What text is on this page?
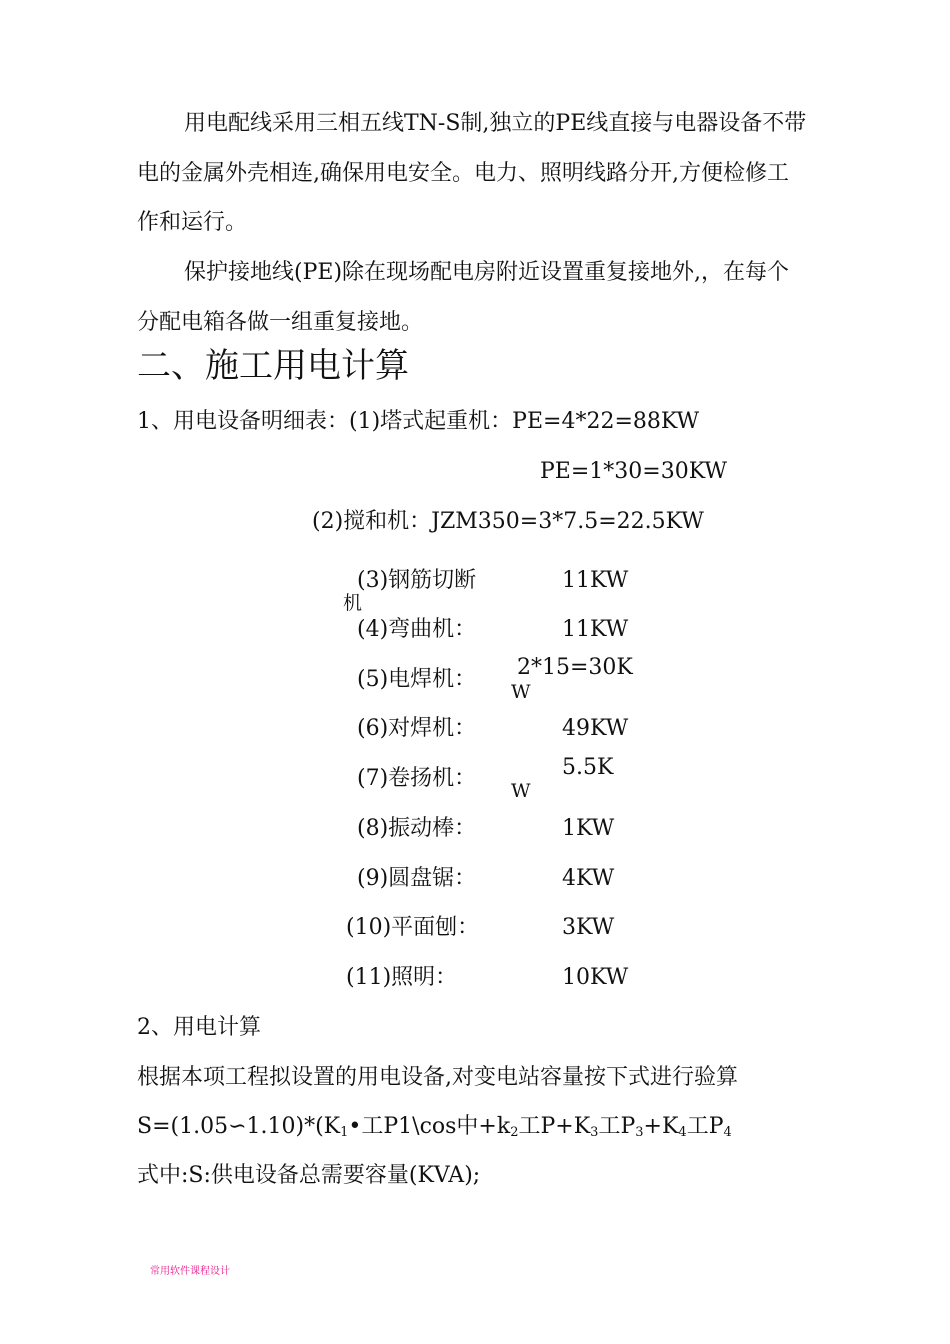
用电配线采用三相五线TN-S制,独立的PE线直接与电器设备不带
电的金属外壳相连,确保用电安全。电力、照明线路分开,方便检修工
作和运行。
保护接地线(PE)除在现场配电房附近设置重复接地外,，在每个
分配电箱各做一组重复接地。
二、施工用电计算
1、用电设备明细表：(1)塔式起重机：PE=4*22=88KW
PE=1*30=30KW
(2)搅和机：JZM350=3*7.5=22.5KW
(3)钢筋切断	11KW
机
(4)弯曲机：	11KW
(5)电焊机： 2*15=30K
W
(6)对焊机：	49KW
(7)卷扬机：	5.5K
W
(8)振动棒：	1KW
(9)圆盘锯：	4KW
(10)平面刨：	3KW
(11)照明：	10KW
2、用电计算
根据本项工程拟设置的用电设备,对变电站容量按下式进行验算
$S=(1.05∽1.10)*(K_1•$工P1\cos中$+k_2$工$P+K_3$工$P_3+K_4$工$P_4$
式中:S:供电设备总需要容量(KVA);
常用软件课程设计
